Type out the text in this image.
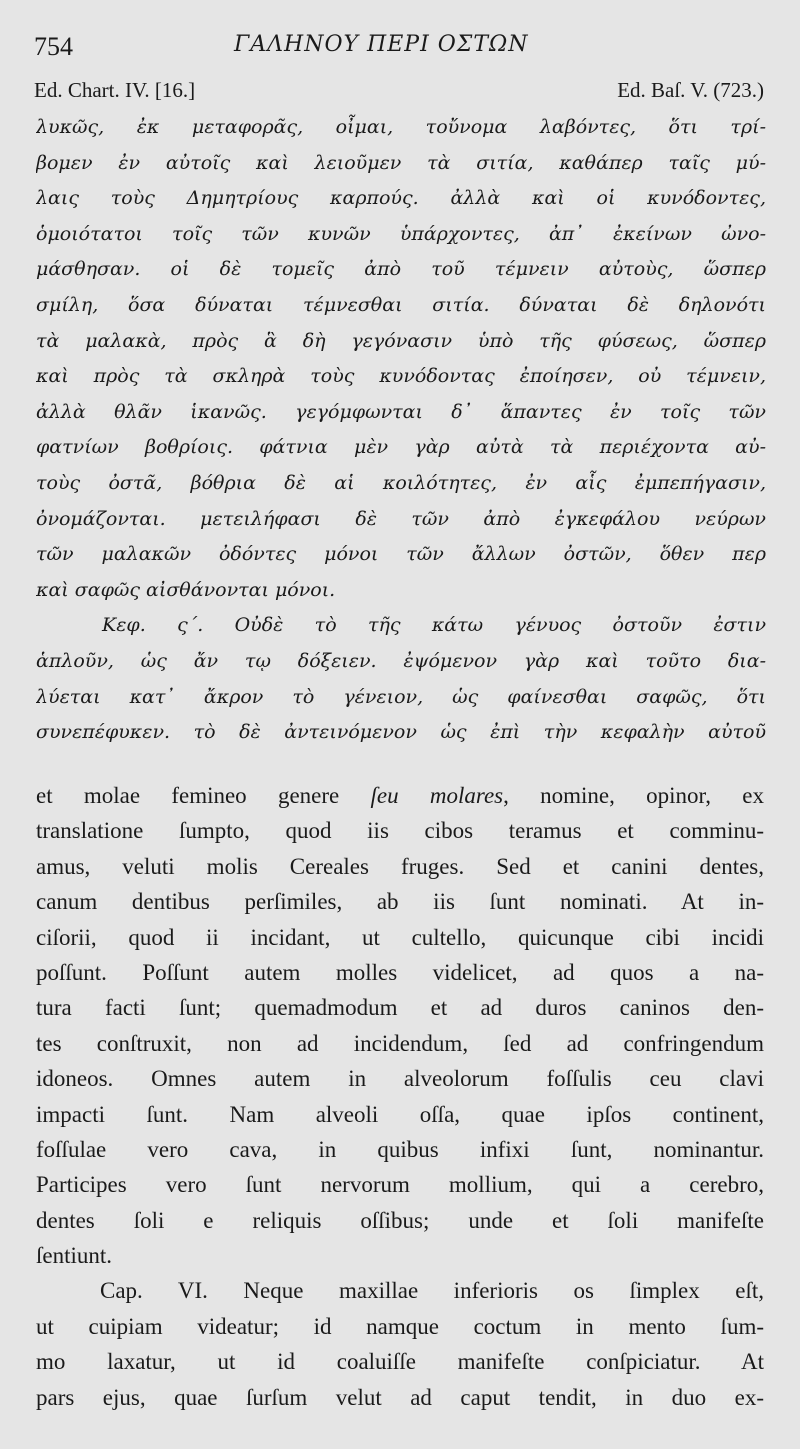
754	ΓΑΛΗΝΟΥ ΠΕΡΙ ΟΣΤΩΝ
Ed. Chart. IV. [16.]	Ed. Baſ. V. (723.)
λυκῶς, ἐκ μεταφορᾶς, οἶμαι, τοὔνομα λαβόντες, ὅτι τρί-
βομεν ἐν αὐτοῖς καὶ λειοῦμεν τὰ σιτία, καθάπερ ταῖς μύ-
λαις τοὺς Δημητρίους καρπούς. ἀλλὰ καὶ οἱ κυνόδοντες,
ὁμοιότατοι τοῖς τῶν κυνῶν ὑπάρχοντες, ἀπ᾿ ἐκείνων ὠνο-
μάσθησαν. οἱ δὲ τομεῖς ἀπὸ τοῦ τέμνειν αὐτοὺς, ὥσπερ
σμίλη, ὅσα δύναται τέμνεσθαι σιτία. δύναται δὲ δηλονότι
τὰ μαλακὰ, πρὸς ἃ δὴ γεγόνασιν ὑπὸ τῆς φύσεως, ὥσπερ
καὶ πρὸς τὰ σκληρὰ τοὺς κυνόδοντας ἐποίησεν, οὐ τέμνειν,
ἀλλὰ θλᾶν ἱκανῶς. γεγόμφωνται δ᾿ ἅπαντες ἐν τοῖς τῶν
φατνίων βοθρίοις. φάτνια μὲν γὰρ αὐτὰ τὰ περιέχοντα αὐ-
τοὺς ὀστᾶ, βόθρια δὲ αἱ κοιλότητες, ἐν αἷς ἐμπεπήγασιν,
ὀνομάζονται. μετειλήφασι δὲ τῶν ἀπὸ ἐγκεφάλου νεύρων
τῶν μαλακῶν ὀδόντες μόνοι τῶν ἄλλων ὀστῶν, ὅθεν περ
καὶ σαφῶς αἰσθάνονται μόνοι.
Κεφ. ς΄. Οὐδὲ τὸ τῆς κάτω γένυος ὀστοῦν ἐστιν
ἁπλοῦν, ὡς ἄν τῳ δόξειεν. ἐψόμενον γὰρ καὶ τοῦτο δια-
λύεται κατ᾿ ἄκρον τὸ γένειον, ὡς φαίνεσθαι σαφῶς, ὅτι
συνεπέφυκεν. τὸ δὲ ἀντεινόμενον ὡς ἐπὶ τὴν κεφαλὴν αὐτοῦ
et molae femineo genere ſeu molares, nomine, opinor, ex
translatione ſumpto, quod iis cibos teramus et comminu-
amus, veluti molis Cereales fruges. Sed et canini dentes,
canum dentibus perſimiles, ab iis ſunt nominati. At in-
ciſorii, quod ii incidant, ut cultello, quicunque cibi incidi
poſſunt. Poſſunt autem molles videlicet, ad quos a na-
tura facti ſunt; quemadmodum et ad duros caninos den-
tes conſtruxit, non ad incidendum, ſed ad confringendum
idoneos. Omnes autem in alveolorum foſſulis ceu clavi
impacti ſunt. Nam alveoli oſſa, quae ipſos continent,
foſſulae vero cava, in quibus infixi ſunt, nominantur.
Participes vero ſunt nervorum mollium, qui a cerebro,
dentes ſoli e reliquis oſſibus; unde et ſoli manifeſte
ſentiunt.
Cap. VI. Neque maxillae inferioris os ſimplex eſt,
ut cuipiam videatur; id namque coctum in mento ſum-
mo laxatur, ut id coaluiſſe manifeſte conſpiciatur. At
pars ejus, quae ſurſum velut ad caput tendit, in duo ex-
